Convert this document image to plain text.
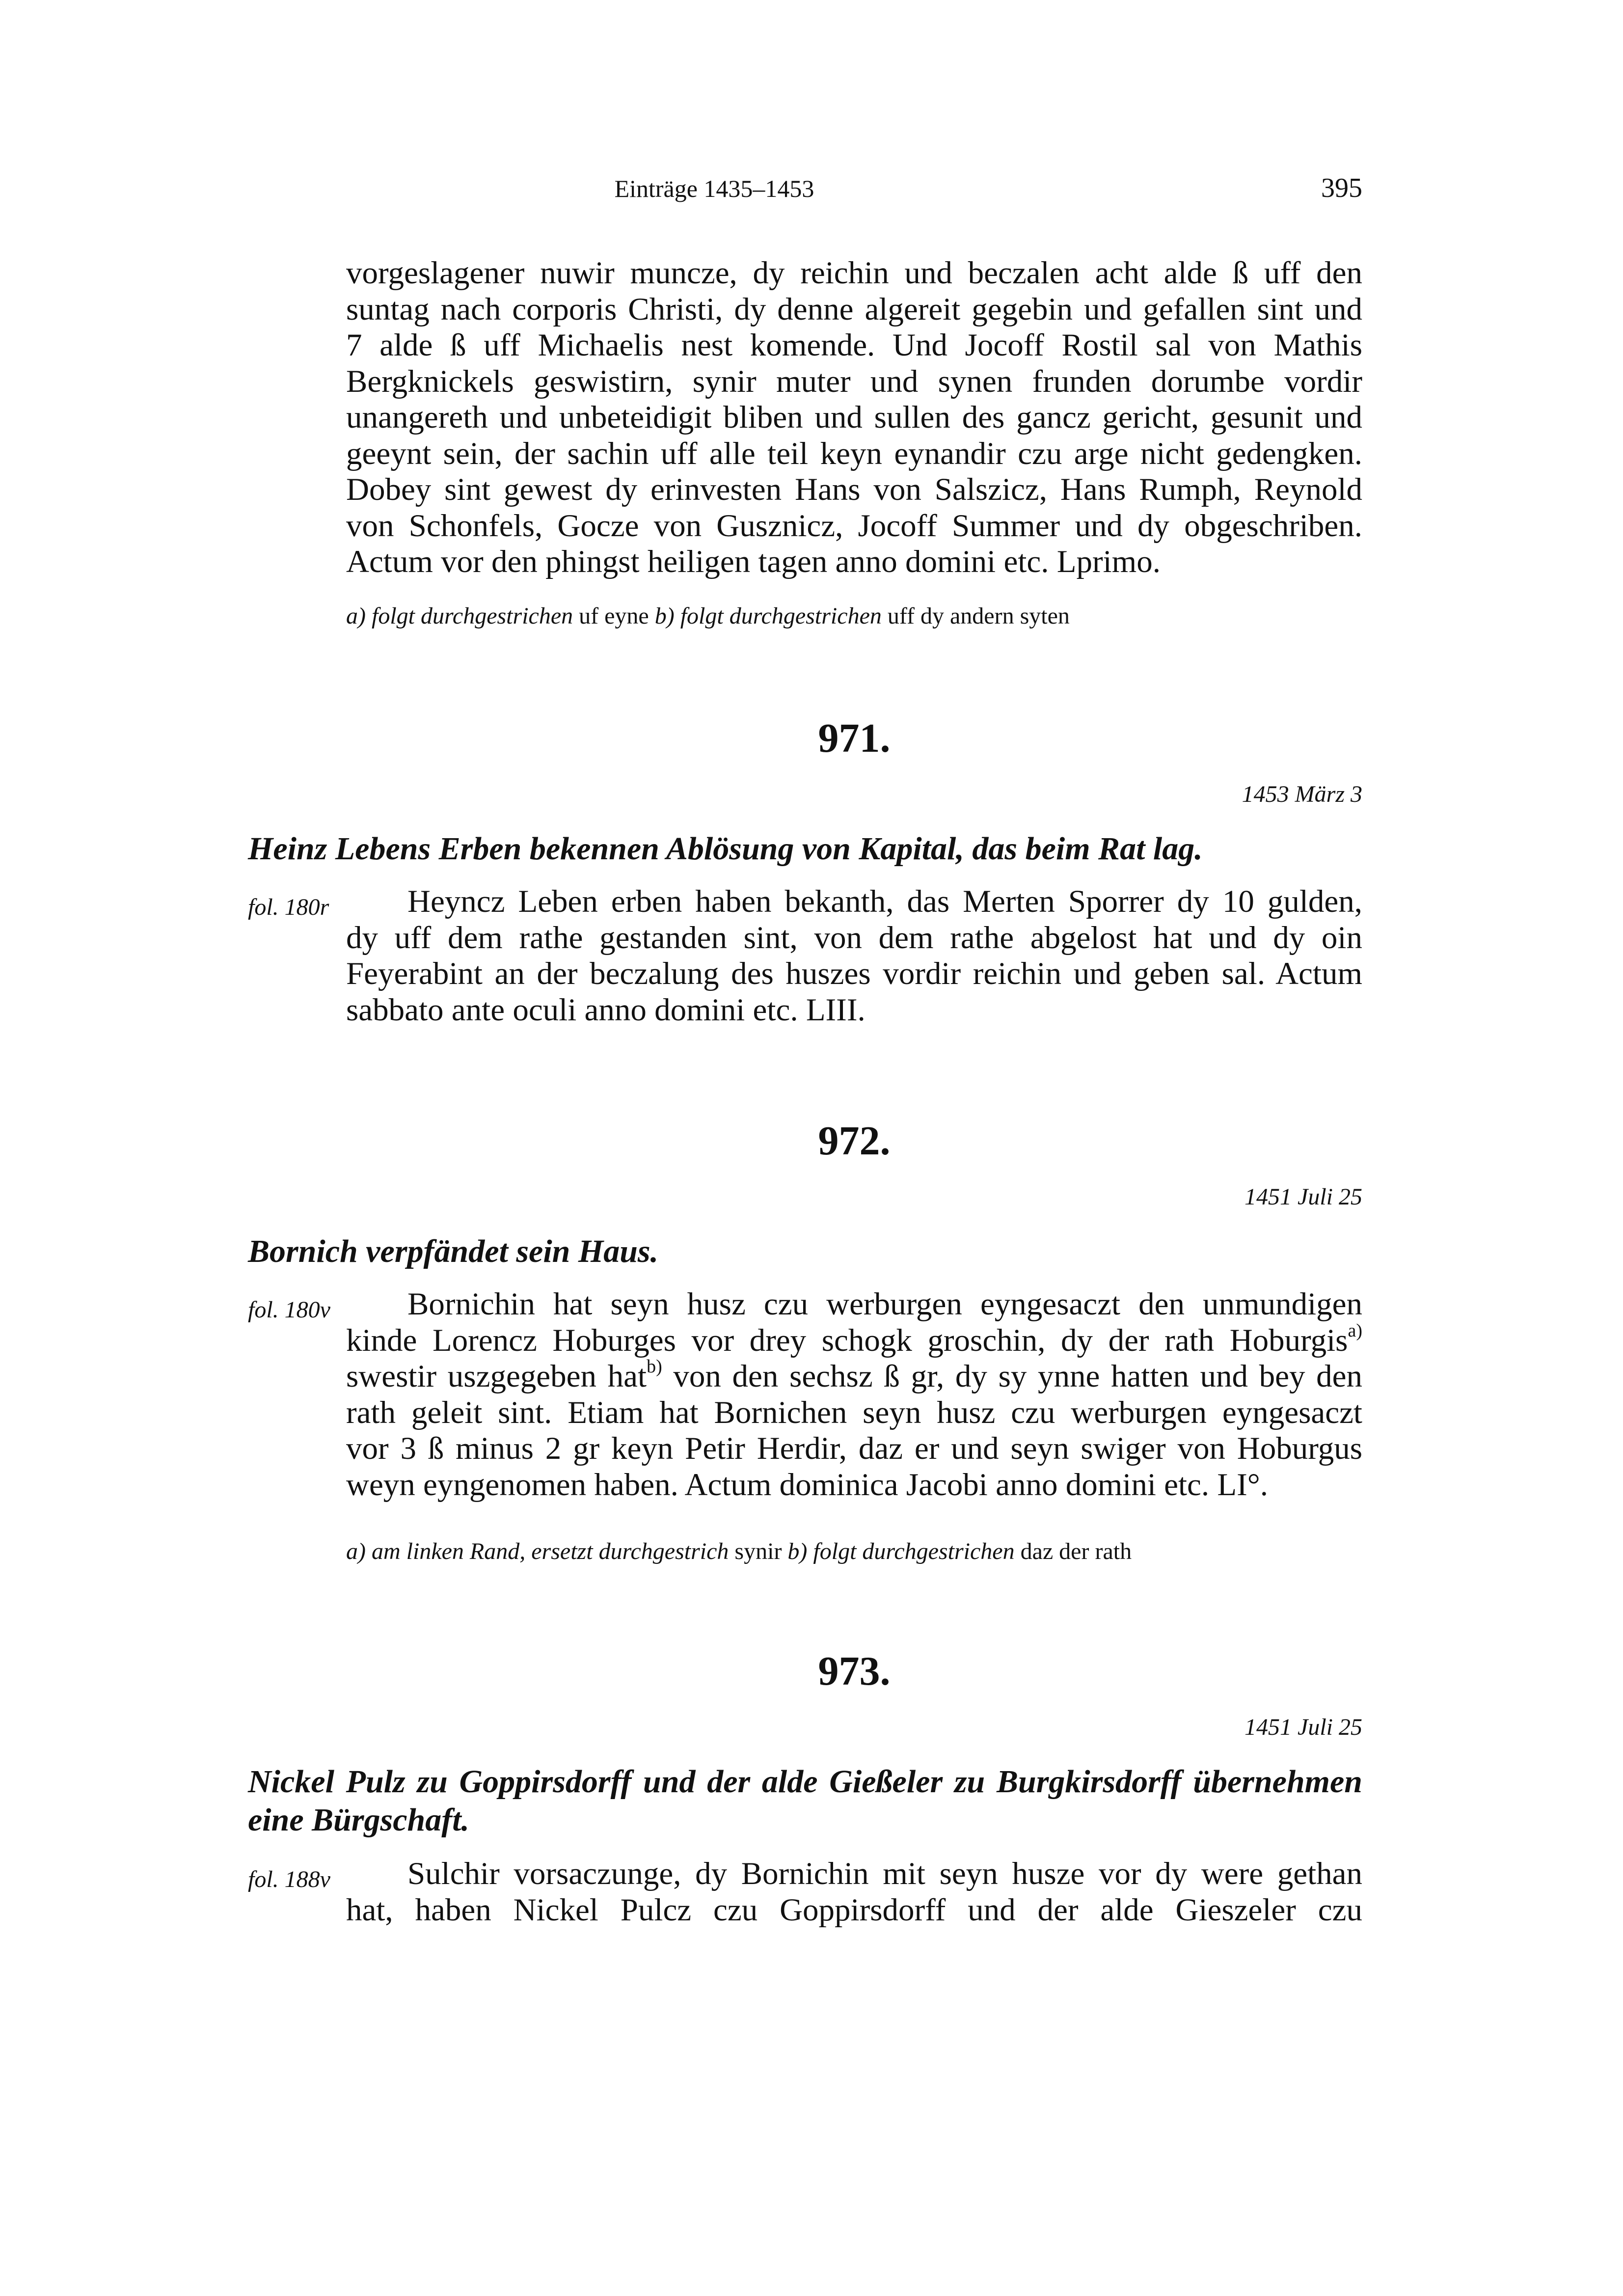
Einträge 1435–1453	395
vorgeslagener nuwir muncze, dy reichin und beczalen acht alde ß uff den
suntag nach corporis Christi, dy denne algereit gegebin und gefallen sint und
7 alde ß uff Michaelis nest komende. Und Jocoff Rostil sal von Mathis
Bergknickels geswistirn, synir muter und synen frunden dorumbe vordir
unangereth und unbeteidigit bliben und sullen des gancz gericht, gesunit und
geeynt sein, der sachin uff alle teil keyn eynandir czu arge nicht gedengken.
Dobey sint gewest dy erinvesten Hans von Salszicz, Hans Rumph, Reynold
von Schonfels, Gocze von Gusznicz, Jocoff Summer und dy obgeschriben.
Actum vor den phingst heiligen tagen anno domini etc. Lprimo.
a) folgt durchgestrichen uf eyne b) folgt durchgestrichen uff dy andern syten
971.
1453 März 3
Heinz Lebens Erben bekennen Ablösung von Kapital, das beim Rat lag.
fol. 180r	Heyncz Leben erben haben bekanth, das Merten Sporrer dy 10 gulden,
dy uff dem rathe gestanden sint, von dem rathe abgelost hat und dy oin
Feyerabint an der beczalung des huszes vordir reichin und geben sal. Actum
sabbato ante oculi anno domini etc. LIII.
972.
1451 Juli 25
Bornich verpfändet sein Haus.
fol. 180v	Bornichin hat seyn husz czu werburgen eyngesaczt den unmundigen
kinde Lorencz Hoburges vor drey schogk groschin, dy der rath Hoburgis$^{a)}$
swestir uszgegeben hat$^{b)}$ von den sechsz ß gr, dy sy ynne hatten und bey den
rath geleit sint. Etiam hat Bornichen seyn husz czu werburgen eyngesaczt
vor 3 ß minus 2 gr keyn Petir Herdir, daz er und seyn swiger von Hoburgus
weyn eyngenomen haben. Actum dominica Jacobi anno domini etc. LI°.
a) am linken Rand, ersetzt durchgestrich synir b) folgt durchgestrichen daz der rath
973.
1451 Juli 25
Nickel Pulz zu Goppirsdorff und der alde Gießeler zu Burgkirsdorff übernehmen
eine Bürgschaft.
fol. 188v	Sulchir vorsaczunge, dy Bornichin mit seyn husze vor dy were gethan
hat, haben Nickel Pulcz czu Goppirsdorff und der alde Gieszeler czu
